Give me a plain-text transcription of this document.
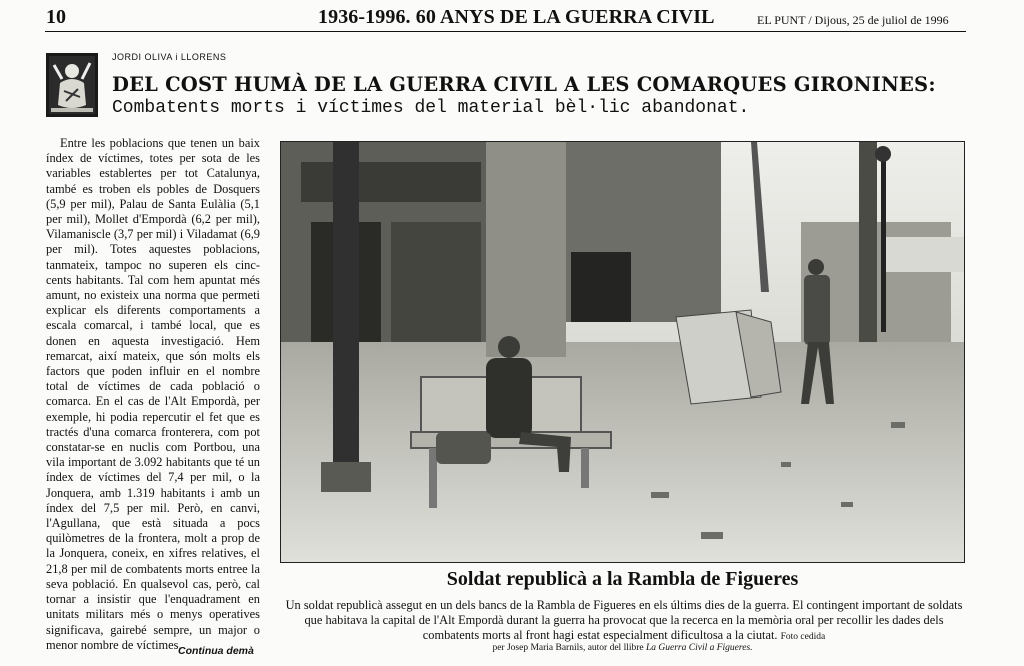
10	1936-1996. 60 ANYS DE LA GUERRA CIVIL	EL PUNT / Dijous, 25 de juliol de 1996
JORDI OLIVA i LLORENS
DEL COST HUMÀ DE LA GUERRA CIVIL A LES COMARQUES GIRONINES:
Combatents morts i víctimes del material bèl·lic abandonat.
Entre les poblacions que tenen un baix índex de víctimes, totes per sota de les variables establertes per tot Catalunya, també es troben els pobles de Dosquers (5,9 per mil), Palau de Santa Eulàlia (5,1 per mil), Mollet d'Empordà (6,2 per mil), Vilamaniscle (3,7 per mil) i Viladamat (6,9 per mil). Totes aquestes poblacions, tanmateix, tampoc no superen els cinc-cents habitants. Tal com hem apuntat més amunt, no existeix una norma que permeti explicar els diferents comportaments a escala comarcal, i també local, que es donen en aquesta investigació. Hem remarcat, així mateix, que són molts els factors que poden influir en el nombre total de víctimes de cada població o comarca. En el cas de l'Alt Empordà, per exemple, hi podia repercutir el fet que es tractés d'una comarca fronterera, com pot constatar-se en nuclis com Portbou, una vila important de 3.092 habitants que té un índex de víctimes del 7,4 per mil, o la Jonquera, amb 1.319 habitants i amb un índex del 7,5 per mil. Però, en canvi, l'Agullana, que està situada a pocs quilòmetres de la frontera, molt a prop de la Jonquera, coneix, en xifres relatives, el 21,8 per mil de combatents morts entree la seva població. En qualsevol cas, però, cal tornar a insistir que l'enquadrament en unitats militars més o menys operatives significava, gairebé sempre, un major o menor nombre de víctimes.
Continua demà
Soldat republicà a la Rambla de Figueres
Un soldat republicà assegut en un dels bancs de la Rambla de Figueres en els últims dies de la guerra. El contingent important de soldats que habitava la capital de l'Alt Empordà durant la guerra ha provocat que la recerca en la memòria oral per recollir les dades dels combatents morts al front hagi estat especialment dificultosa a la ciutat. Foto cedida
per Josep Maria Barnils, autor del llibre La Guerra Civil a Figueres.
